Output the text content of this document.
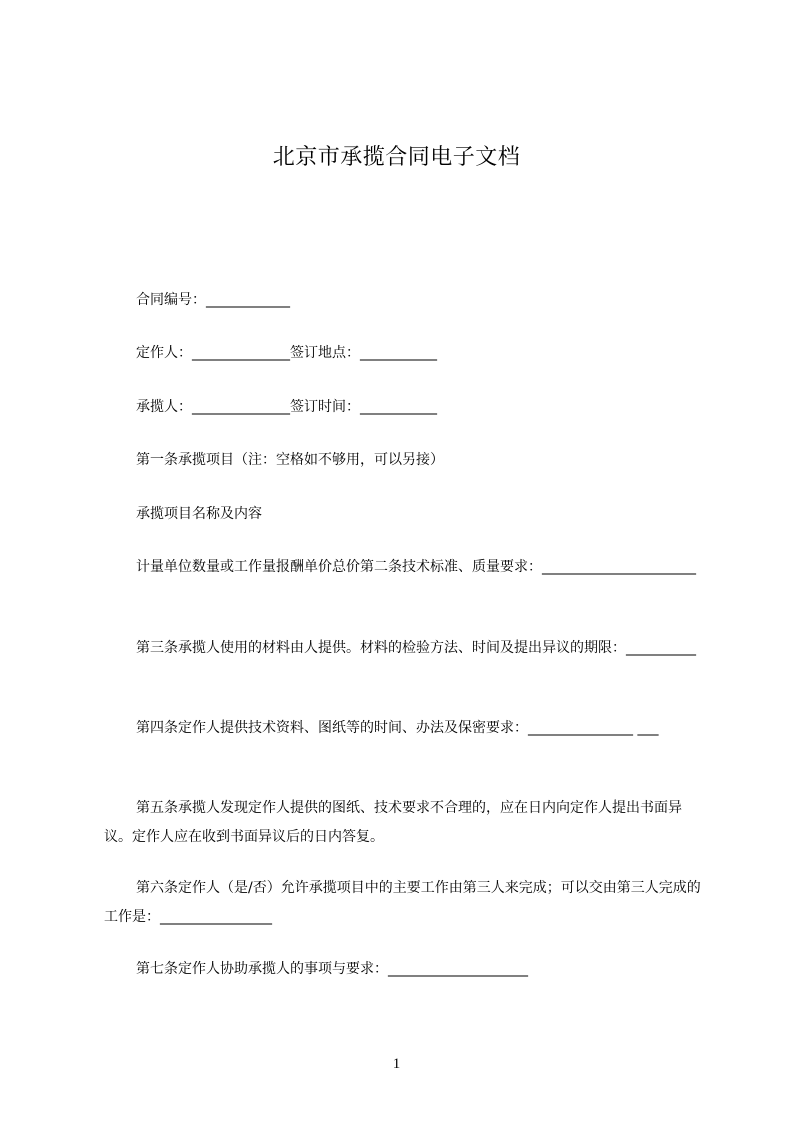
北京市承揽合同电子文档
合同编号：____________
定作人：______________签订地点：___________
承揽人：______________签订时间：___________
第一条承揽项目（注：空格如不够用，可以另接）
承揽项目名称及内容
计量单位数量或工作量报酬单价总价第二条技术标准、质量要求：______________________
第三条承揽人使用的材料由人提供。材料的检验方法、时间及提出异议的期限：__________
第四条定作人提供技术资料、图纸等的时间、办法及保密要求：_______________ ___
第五条承揽人发现定作人提供的图纸、技术要求不合理的，应在日内向定作人提出书面异议。定作人应在收到书面异议后的日内答复。
第六条定作人（是/否）允许承揽项目中的主要工作由第三人来完成；可以交由第三人完成的工作是：________________
第七条定作人协助承揽人的事项与要求：____________________
1
